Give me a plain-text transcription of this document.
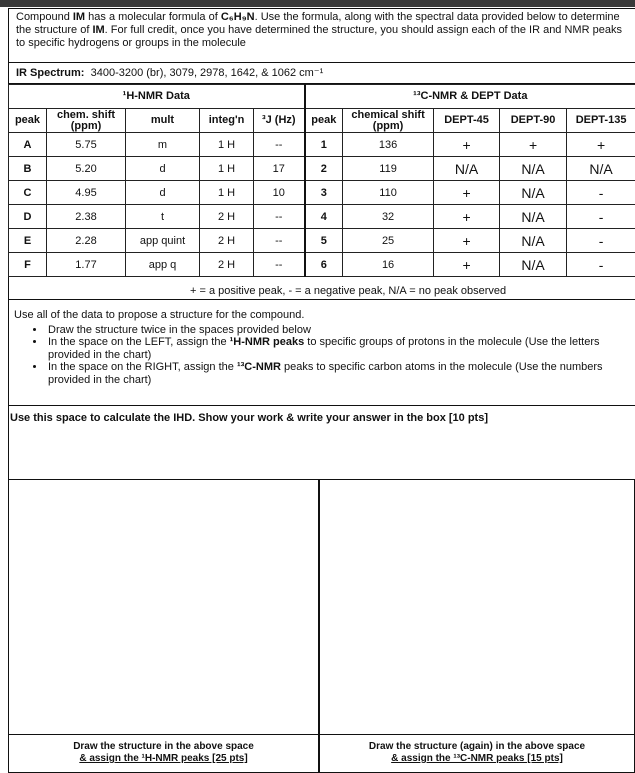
Compound IM has a molecular formula of C₆H₉N. Use the formula, along with the spectral data provided below to determine the structure of IM. For full credit, once you have determined the structure, you should assign each of the IR and NMR peaks to specific hydrogens or groups in the molecule
IR Spectrum: 3400-3200 (br), 3079, 2978, 1642, & 1062 cm⁻¹
¹H-NMR Data					¹³C-NMR & DEPT Data				
peak	chem. shift (ppm)	mult	integ'n	³J (Hz)	peak	chemical shift (ppm)	DEPT-45	DEPT-90	DEPT-135
A	5.75	m	1 H	--	1	136	+	+	+
B	5.20	d	1 H	17	2	119	N/A	N/A	N/A
C	4.95	d	1 H	10	3	110	+	N/A	-
D	2.38	t	2 H	--	4	32	+	N/A	-
E	2.28	app quint	2 H	--	5	25	+	N/A	-
F	1.77	app q	2 H	--	6	16	+	N/A	-
+ = a positive peak, - = a negative peak, N/A = no peak observed
Use all of the data to propose a structure for the compound.
• Draw the structure twice in the spaces provided below
• In the space on the LEFT, assign the ¹H-NMR peaks to specific groups of protons in the molecule (Use the letters provided in the chart)
• In the space on the RIGHT, assign the ¹³C-NMR peaks to specific carbon atoms in the molecule (Use the numbers provided in the chart)
Use this space to calculate the IHD. Show your work & write your answer in the box [10 pts]
Draw the structure in the above space
& assign the ¹H-NMR peaks [25 pts]
Draw the structure (again) in the above space
& assign the ¹³C-NMR peaks [15 pts]
